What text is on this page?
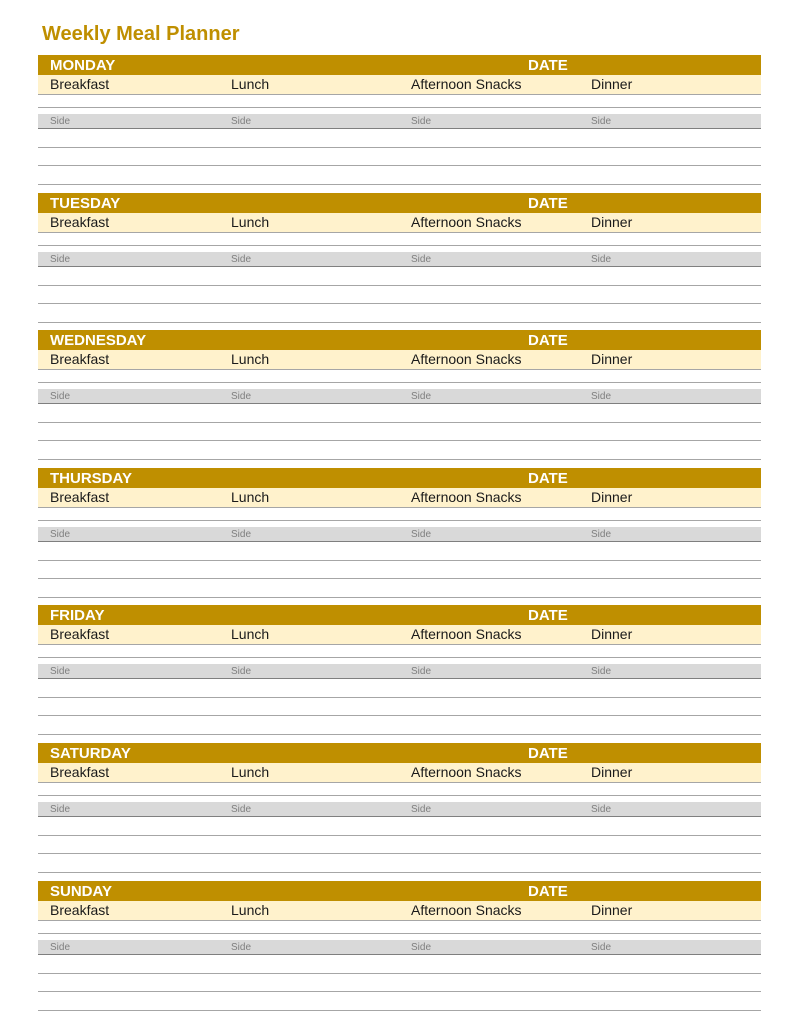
Weekly Meal Planner
MONDAY	DATE
Breakfast	Lunch	Afternoon Snacks	Dinner
Side	Side	Side	Side
TUESDAY	DATE
Breakfast	Lunch	Afternoon Snacks	Dinner
Side	Side	Side	Side
WEDNESDAY	DATE
Breakfast	Lunch	Afternoon Snacks	Dinner
Side	Side	Side	Side
THURSDAY	DATE
Breakfast	Lunch	Afternoon Snacks	Dinner
Side	Side	Side	Side
FRIDAY	DATE
Breakfast	Lunch	Afternoon Snacks	Dinner
Side	Side	Side	Side
SATURDAY	DATE
Breakfast	Lunch	Afternoon Snacks	Dinner
Side	Side	Side	Side
SUNDAY	DATE
Breakfast	Lunch	Afternoon Snacks	Dinner
Side	Side	Side	Side
